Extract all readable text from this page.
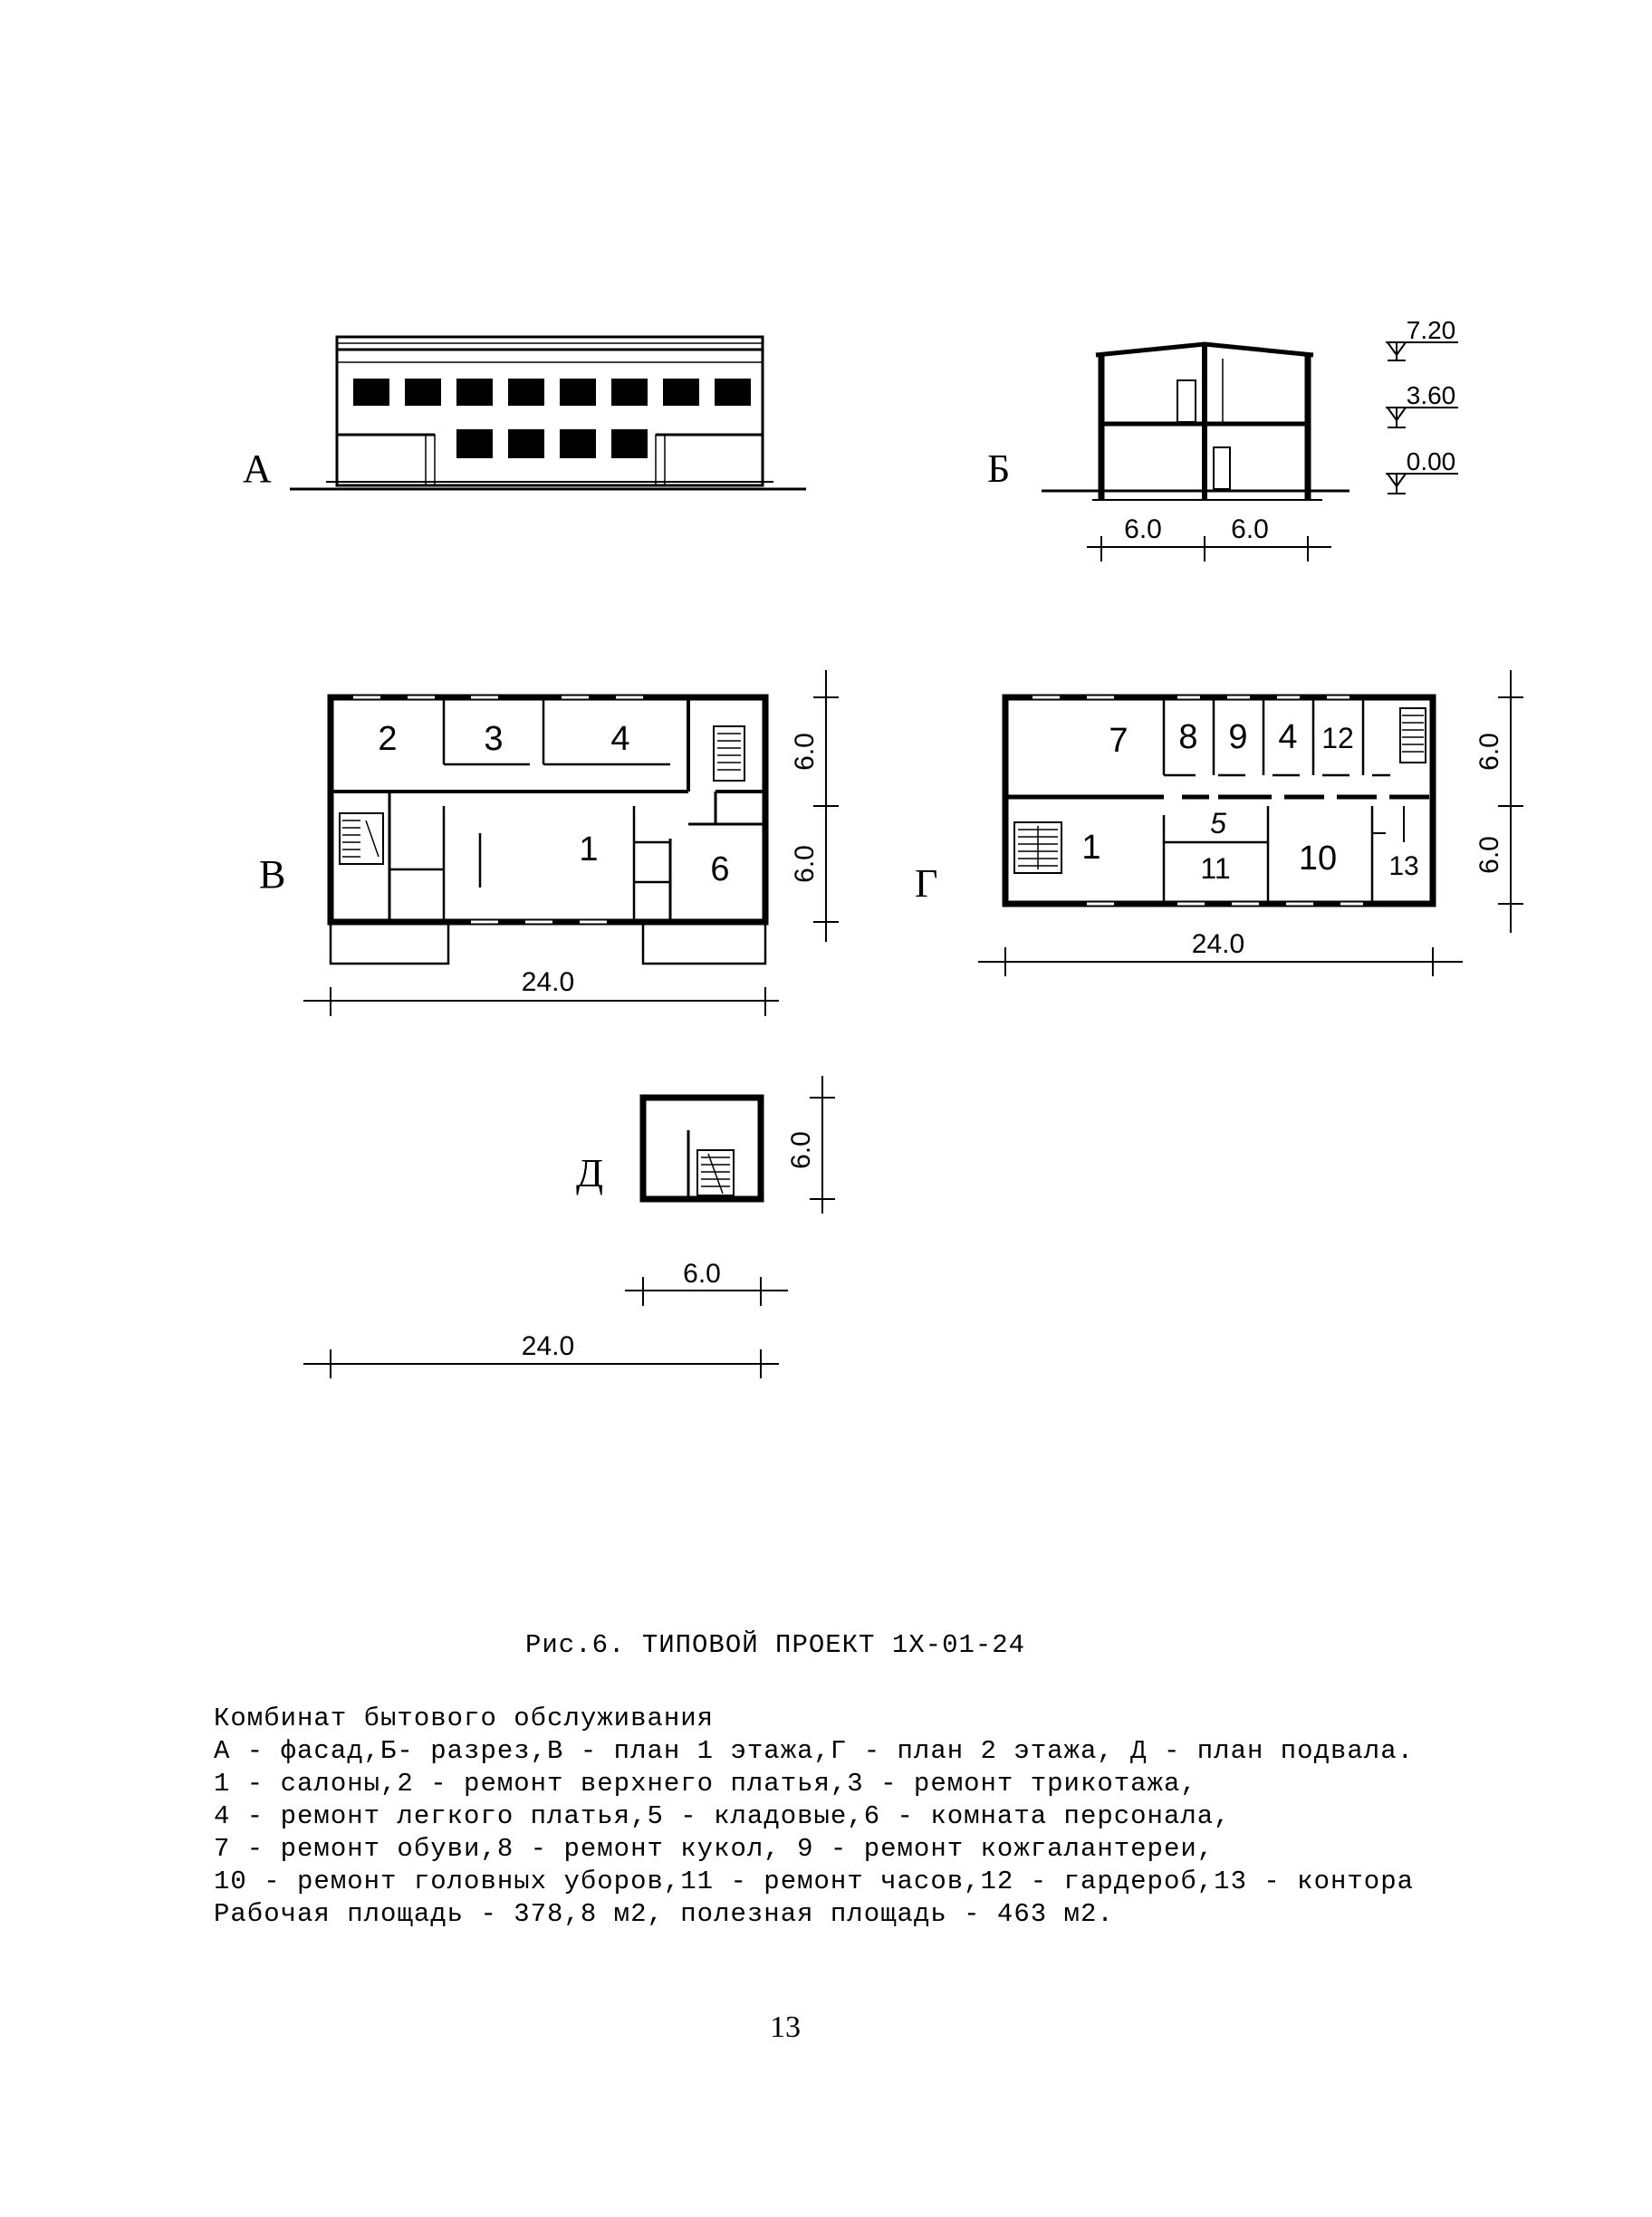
А	Б
7.20
3.60
0.00
6.0	6.0
В
2	3	4
1
6
6.0
6.0
24.0
Г
7 8 9 4 12
1
5
11 10 13
6.0
6.0
24.0
Д
6.0
6.0
24.0
Рис.6. ТИПОВОЙ ПРОЕКТ 1Х-01-24
Комбинат бытового обслуживания
А - фасад,Б- разрез,В - план 1 этажа,Г - план 2 этажа, Д - план подвала.
1 - салоны,2 - ремонт верхнего платья,3 - ремонт трикотажа,
4 - ремонт легкого платья,5 - кладовые,6 - комната персонала,
7 - ремонт обуви,8 - ремонт кукол, 9 - ремонт кожгалантереи,
10 - ремонт головных уборов,11 - ремонт часов,12 - гардероб,13 - контора
Рабочая площадь - 378,8 м2, полезная площадь - 463 м2.
13
